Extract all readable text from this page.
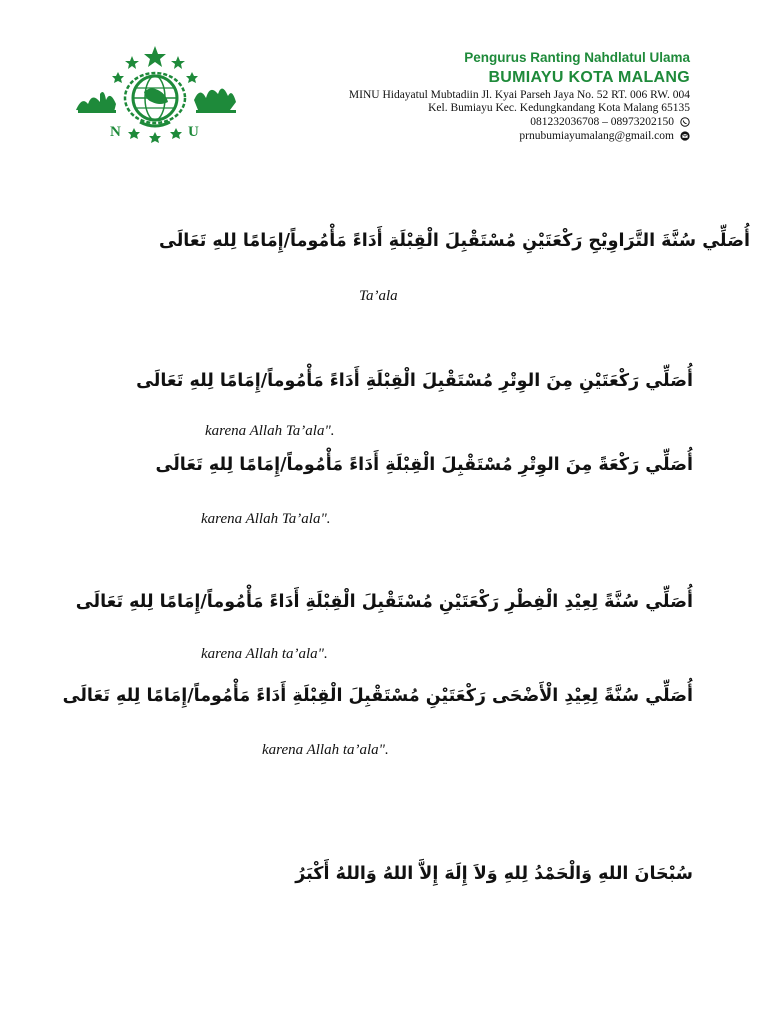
N	U
Pengurus Ranting Nahdlatul Ulama
BUMIAYU KOTA MALANG
MINU Hidayatul Mubtadiin Jl. Kyai Parseh Jaya No. 52 RT. 006 RW. 004
Kel. Bumiayu Kec. Kedungkandang Kota Malang 65135
081232036708 – 08973202150
prnubumiayumalang@gmail.com
أُصَلِّي سُنَّةَ التَّرَاوِيْحِ رَكْعَتَيْنِ مُسْتَقْبِلَ الْقِبْلَةِ أَدَاءً مَأْمُوماً/إِمَامًا لِلهِ تَعَالَى
Ta’ala
أُصَلِّي رَكْعَتَيْنِ مِنَ الوِتْرِ مُسْتَقْبِلَ الْقِبْلَةِ أَدَاءً مَأْمُوماً/إِمَامًا لِلهِ تَعَالَى
karena Allah Ta’ala".
أُصَلِّي رَكْعَةً مِنَ الوِتْرِ مُسْتَقْبِلَ الْقِبْلَةِ أَدَاءً مَأْمُوماً/إِمَامًا لِلهِ تَعَالَى
karena Allah Ta’ala".
أُصَلِّي سُنَّةً لِعِيْدِ الْفِطْرِ رَكْعَتَيْنِ مُسْتَقْبِلَ الْقِبْلَةِ أَدَاءً مَأْمُوماً/إِمَامًا لِلهِ تَعَالَى
karena Allah ta’ala".
أُصَلِّي سُنَّةً لِعِيْدِ الْأَضْحَى رَكْعَتَيْنِ مُسْتَقْبِلَ الْقِبْلَةِ أَدَاءً مَأْمُوماً/إِمَامًا لِلهِ تَعَالَى
karena Allah ta’ala".
سُبْحَانَ اللهِ وَالْحَمْدُ لِلهِ وَلاَ إِلَهَ إِلاَّ اللهُ وَاللهُ أَكْبَرُ
